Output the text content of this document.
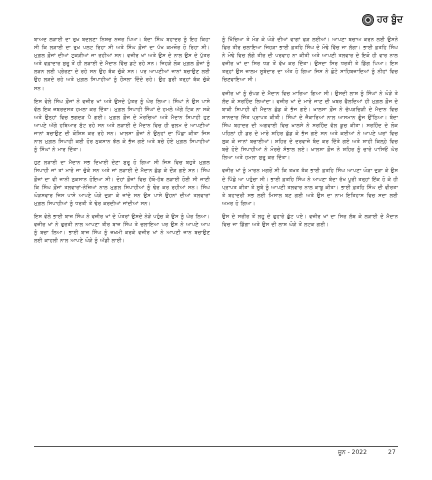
ਹਰ ਬੂੰਦ

ਬਾਅਦ ਲੜਾਈ ਦਾ ਰੁਖ਼ ਬਦਲਣਾ ਨਿਸ਼ਚ ਨਜ਼ਰ ਪਿਆ। ਬੰਦਾ ਸਿੰਘ ਬਹਾਦਰ ਨੂੰ ਇਹ ਕਿਹਾ ਸੀ ਕਿ ਲੜਾਈ ਦਾ ਰੁਖ਼ ਪਲਟ ਰਿਹਾ ਸੀ ਅਤੇ ਸਿੰਘ ਫ਼ੌਜਾਂ ਦਾ ਪੱਖ ਕਮਜ਼ੋਰ ਹੋ ਰਿਹਾ ਸੀ। ਮੁਗ਼ਲ ਫ਼ੌਜਾਂ ਦੀਆਂ ਟੁਕੜੀਆਂ ਜਾ ਰਹੀਆਂ ਸਨ। ਵਜ਼ੀਰ ਖਾਂ ਅਤੇ ਉਸ ਦੇ ਨਾਲ ਉਸ ਦੇ ਪੁੱਤਰ ਅਤੇ ਵਫ਼ਾਦਾਰ ਸ਼ੁਰੂ ਤੋਂ ਹੀ ਲੜਾਈ ਦੇ ਮੈਦਾਨ ਵਿੱਚ ਡਟੇ ਰਹੇ ਸਨ। ਜਿਹੜੇ ਲੋਕ ਮੁਗ਼ਲ ਫ਼ੌਜਾਂ ਨੂੰ ਲੜਨ ਲਈ ਪ੍ਰੇਰਣਾ ਦੇ ਰਹੇ ਸਨ ਉਹ ਥੱਕ ਚੁੱਕੇ ਸਨ। ਪਰ ਆਪਣੀਆਂ ਜਾਨਾਂ ਬਚਾਉਣ ਲਈ ਉਹ ਲੜਦੇ ਰਹੇ ਅਤੇ ਮੁਗ਼ਲ ਸਿਪਾਹੀਆਂ ਨੂੰ ਹੌਸਲਾ ਦਿੰਦੇ ਰਹੇ। ਉਹ ਬੁਰੀ ਤਰ੍ਹਾਂ ਥੱਕ ਚੁੱਕੇ ਸਨ।

ਇਸ ਵੇਲੇ ਸਿੰਘ ਫ਼ੌਜਾਂ ਨੇ ਵਜ਼ੀਰ ਖਾਂ ਅਤੇ ਉਸਦੇ ਪੁੱਤਰ ਨੂੰ ਘੇਰ ਲਿਆ। ਸਿੰਘਾਂ ਨੇ ਉਸ ਪਾਸੇ ਵੱਲ ਇਕ ਜ਼ਬਰਦਸਤ ਹਮਲਾ ਕਰ ਦਿੱਤਾ। ਮੁਗ਼ਲ ਸਿਪਾਹੀ ਸਿੰਘਾਂ ਦੇ ਹਮਲੇ ਅੱਗੇ ਟਿਕ ਨਾ ਸਕੇ ਅਤੇ ਉਨ੍ਹਾਂ ਵਿਚ ਭਗਦੜ ਪੈ ਗਈ। ਮੁਗ਼ਲ ਫ਼ੌਜ ਦੇ ਮੋਰਚਿਆਂ ਅਤੇ ਮੈਦਾਨ ਸਿਪਾਹੀ ਹੁਣ ਆਪਣੇ ਅੱਗੇ ਹਥਿਆਰ ਸੁੱਟ ਰਹੇ ਸਨ ਅਤੇ ਲੜਾਈ ਦੇ ਮੈਦਾਨ ਵਿਚ ਹੀ ਜ਼ੁਲਮ ਦੇ ਆਪਣੀਆਂ ਜਾਨਾਂ ਬਚਾਉਣ ਦੀ ਕੋਸ਼ਿਸ਼ ਕਰ ਰਹੇ ਸਨ। ਖ਼ਾਲਸਾ ਫ਼ੌਜਾਂ ਨੇ ਉਨ੍ਹਾਂ ਦਾ ਪਿੱਛਾ ਕੀਤਾ ਜਿਸ ਨਾਲ ਮੁਗ਼ਲ ਸਿਪਾਹੀ ਕਈ ਹੋਰ ਨੁਕਸਾਨ ਝੱਲ ਕੇ ਭੱਜ ਗਏ ਅਤੇ ਬਚੇ ਹੋਏ ਮੁਗ਼ਲ ਸਿਪਾਹੀਆਂ ਨੂੰ ਸਿੰਘਾਂ ਨੇ ਮਾਰ ਦਿੱਤਾ।

ਹੁਣ ਲੜਾਈ ਦਾ ਮੈਦਾਨ ਸਭ ਦਿਖਾਈ ਦੇਣਾ ਸ਼ੁਰੂ ਹੋ ਗਿਆ ਸੀ ਜਿਸ ਵਿਚ ਬਹੁਤੇ ਮੁਗ਼ਲ ਸਿਪਾਹੀ ਜਾਂ ਤਾਂ ਮਾਰੇ ਜਾ ਚੁੱਕੇ ਸਨ ਅਤੇ ਜਾਂ ਲੜਾਈ ਦੇ ਮੈਦਾਨ ਛੱਡ ਕੇ ਦੌੜ ਗਏ ਸਨ। ਸਿੰਘ ਫ਼ੌਜਾਂ ਦਾ ਵੀ ਜਾਨੀ ਨੁਕਸਾਨ ਹੋਇਆ ਸੀ। ਦੋਹਾਂ ਫ਼ੌਜਾਂ ਵਿਚ ਹੱਥੋ-ਹੱਥ ਲੜਾਈ ਹੋਈ ਸੀ ਜਾਣੀ ਕਿ ਸਿੰਘ ਫ਼ੌਜਾਂ ਤਲਵਾਰਾਂ-ਨੇਜ਼ਿਆਂ ਨਾਲ ਮੁਗ਼ਲ ਸਿਪਾਹੀਆਂ ਨੂੰ ਢੇਰ ਕਰ ਰਹੀਆਂ ਸਨ। ਸਿੰਘ ਘੋੜਸਵਾਰ ਜਿਸ ਪਾਸੇ ਆਪਣੇ ਘੋੜੇ ਦੁੜਾ ਕੇ ਜਾਂਦੇ ਸਨ ਉਸ ਪਾਸੇ ਉਹਨਾਂ ਦੀਆਂ ਤਲਵਾਰਾਂ ਮੁਗ਼ਲ ਸਿਪਾਹੀਆਂ ਨੂੰ ਧਰਤੀ ਤੇ ਢੇਰ ਕਰਦੀਆਂ ਜਾਂਦੀਆਂ ਸਨ।

ਇਸ ਵੇਲੇ ਭਾਈ ਬਾਜ਼ ਸਿੰਘ ਨੇ ਵਜ਼ੀਰ ਖਾਂ ਦੇ ਪੋਤਰਾਂ ਉਸਦੇ ਨੇੜੇ ਪਹੁੰਚ ਕੇ ਉਸ ਨੂੰ ਘੇਰ ਲਿਆ। ਵਜ਼ੀਰ ਖਾਂ ਨੇ ਫੁਰਤੀ ਨਾਲ ਆਪਣਾ ਤੀਰ ਬਾਜ਼ ਸਿੰਘ ਤੇ ਚਲਾਇਆ ਪਰ ਉਸ ਨੇ ਆਪਣੇ ਆਪ ਨੂੰ ਬਚਾ ਲਿਆ। ਭਾਈ ਬਾਜ਼ ਸਿੰਘ ਨੂੰ ਜ਼ਖ਼ਮੀ ਕਰਕੇ ਵਜ਼ੀਰ ਖਾਂ ਨੇ ਆਪਣੀ ਜਾਨ ਬਚਾਉਣ ਲਈ ਕਾਹਲੀ ਨਾਲ ਆਪਣੇ ਘੋੜੇ ਨੂੰ ਅੱਡੀ ਲਾਈ।

ਨੂੰ ਖਿੱਚਿਆ ਤੇ ਮੋੜ ਕੇ ਘੋੜੇ ਦੀਆਂ ਵਾਗਾਂ ਫੜ ਲਈਆਂ। ਆਪਣਾ ਬਚਾਅ ਕਰਨ ਲਈ ਉਸਨੇ ਫਿਰ ਤੀਰ ਚਲਾਇਆ ਜਿਹੜਾ ਭਾਈ ਫ਼ਤਹਿ ਸਿੰਘ ਦੇ ਮੋਢੇ ਵਿੱਚ ਜਾ ਲੱਗਾ। ਭਾਈ ਫ਼ਤਹਿ ਸਿੰਘ ਨੇ ਮੋਢੇ ਵਿਚ ਲੱਗੇ ਤੀਰ ਦੀ ਪਰਵਾਹ ਨਾ ਕੀਤੀ ਅਤੇ ਆਪਣੀ ਤਲਵਾਰ ਦੇ ਇਕੋ ਹੀ ਵਾਰ ਨਾਲ ਵਜ਼ੀਰ ਖਾਂ ਦਾ ਸਿਰ ਧੜ ਤੋਂ ਵੱਖ ਕਰ ਦਿੱਤਾ। ਉਸਦਾ ਸਿਰ ਧਰਤੀ ਤੇ ਡਿੱਗ ਪਿਆ। ਇਸ ਤਰ੍ਹਾਂ ਉਸ ਜ਼ਾਲਮ ਸੂਬੇਦਾਰ ਦਾ ਅੰਤ ਹੋ ਗਿਆ ਜਿਸ ਨੇ ਛੋਟੇ ਸਾਹਿਬਜ਼ਾਦਿਆਂ ਨੂੰ ਨੀਹਾਂ ਵਿਚ ਚਿਣਵਾਇਆ ਸੀ।

ਵਜ਼ੀਰ ਖਾਂ ਨੂੰ ਚੱਪੜ ਦੇ ਮੈਦਾਨ ਵਿਚ ਮਾਰਿਆ ਗਿਆ ਸੀ। ਉਸਦੀ ਲਾਸ਼ ਨੂੰ ਸਿੰਘਾਂ ਨੇ ਘੋੜੇ ਤੇ ਲੱਦ ਕੇ ਸਰਹਿੰਦ ਲਿਆਂਦਾ। ਵਜ਼ੀਰ ਖਾਂ ਦੇ ਮਾਰੇ ਜਾਣ ਦੀ ਖ਼ਬਰ ਫੈਲਦਿਆਂ ਹੀ ਮੁਗ਼ਲ ਫ਼ੌਜ ਦੇ ਬਾਕੀ ਸਿਪਾਹੀ ਵੀ ਮੈਦਾਨ ਛੱਡ ਕੇ ਭੱਜ ਗਏ। ਖ਼ਾਲਸਾ ਫ਼ੌਜ ਨੇ ਚੱਪੜਚਿੜੀ ਦੇ ਮੈਦਾਨ ਵਿਚ ਸ਼ਾਨਦਾਰ ਜਿੱਤ ਪ੍ਰਾਪਤ ਕੀਤੀ। ਸਿੰਘਾਂ ਦੇ ਜੈਕਾਰਿਆਂ ਨਾਲ ਆਸਮਾਨ ਗੂੰਜ ਉੱਠਿਆ। ਬੰਦਾ ਸਿੰਘ ਬਹਾਦਰ ਦੀ ਅਗਵਾਈ ਵਿਚ ਖ਼ਾਲਸੇ ਨੇ ਸਰਹਿੰਦ ਵੱਲ ਕੂਚ ਕੀਤਾ। ਸਰਹਿੰਦ ਦੇ ਲੋਕ ਪਹਿਲਾਂ ਹੀ ਡਰ ਦੇ ਮਾਰੇ ਸ਼ਹਿਰ ਛੱਡ ਕੇ ਭੱਜ ਗਏ ਸਨ ਅਤੇ ਕਈਆਂ ਨੇ ਆਪਣੇ ਘਰਾਂ ਵਿਚ ਲੁਕ ਕੇ ਜਾਨਾਂ ਬਚਾਈਆਂ। ਸ਼ਹਿਰ ਦੇ ਦਰਵਾਜ਼ੇ ਬੰਦ ਕਰ ਦਿੱਤੇ ਗਏ ਅਤੇ ਸ਼ਾਹੀ ਕਿਲ੍ਹੇ ਵਿਚ ਬਚੇ ਹੋਏ ਸਿਪਾਹੀਆਂ ਨੇ ਮੋਰਚੇ ਸੰਭਾਲ ਲਏ। ਖ਼ਾਲਸਾ ਫ਼ੌਜ ਨੇ ਸ਼ਹਿਰ ਨੂੰ ਚਾਰੇ ਪਾਸਿਓਂ ਘੇਰ ਲਿਆ ਅਤੇ ਹਮਲਾ ਸ਼ੁਰੂ ਕਰ ਦਿੱਤਾ।

ਵਜ਼ੀਰ ਖਾਂ ਨੂੰ ਮਾਰਨ ਮਗਰੋਂ ਸੀ ਕਿ ਤਖ਼ਤ ਤੱਕ ਭਾਈ ਫ਼ਤਹਿ ਸਿੰਘ ਆਪਣਾ ਘੋੜਾ ਦੁੜਾ ਕੇ ਉਸ ਦੇ ਪਿੱਛੇ ਆ ਪਹੁੰਚਾ ਸੀ। ਭਾਈ ਫ਼ਤਹਿ ਸਿੰਘ ਨੇ ਆਪਣਾ ਬੰਦਾ ਰੱਖ ਪੂਰੀ ਤਰ੍ਹਾਂ ਇੱਕ ਹੋ ਕੇ ਹੀ ਪ੍ਰਾਪਤ ਕੀਤਾ ਤੇ ਸੂਬੇ ਨੂੰ ਆਪਣੀ ਤਲਵਾਰ ਨਾਲ ਕਾਬੂ ਕੀਤਾ। ਭਾਈ ਫ਼ਤਹਿ ਸਿੰਘ ਦੀ ਵੀਰਤਾ ਤੇ ਬਹਾਦਰੀ ਸਭ ਲਈ ਮਿਸਾਲ ਬਣ ਗਈ ਅਤੇ ਉਸ ਦਾ ਨਾਮ ਇਤਿਹਾਸ ਵਿਚ ਸਦਾ ਲਈ ਅਮਰ ਹੋ ਗਿਆ।

ਉਸ ਦੇ ਸਰੀਰ ਤੋਂ ਲਹੂ ਦੇ ਫੁਹਾਰੇ ਛੁੱਟ ਪਏ। ਵਜ਼ੀਰ ਖਾਂ ਦਾ ਸਿਰ ਲੱਥ ਕੇ ਲੜਾਈ ਦੇ ਮੈਦਾਨ ਵਿਚ ਜਾ ਡਿੱਗਾ ਅਤੇ ਉਸ ਦੀ ਲਾਸ਼ ਘੋੜੇ ਤੋਂ ਲਟਕ ਗਈ।

ਜੂਨ - 2022	27
